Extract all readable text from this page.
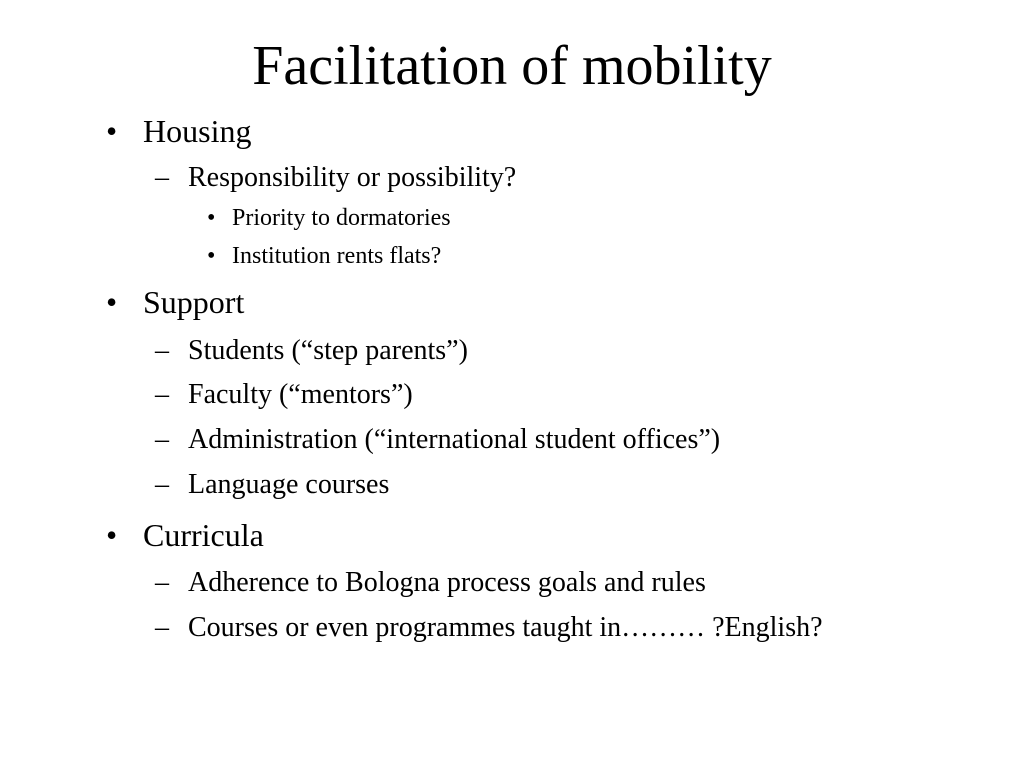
Facilitation of mobility
• Housing
– Responsibility or possibility?
• Priority to dormatories
• Institution rents flats?
• Support
– Students (“step parents”)
– Faculty (“mentors”)
– Administration (“international student offices”)
– Language courses
• Curricula
– Adherence to Bologna process goals and rules
– Courses or even programmes taught in……… ?English?
